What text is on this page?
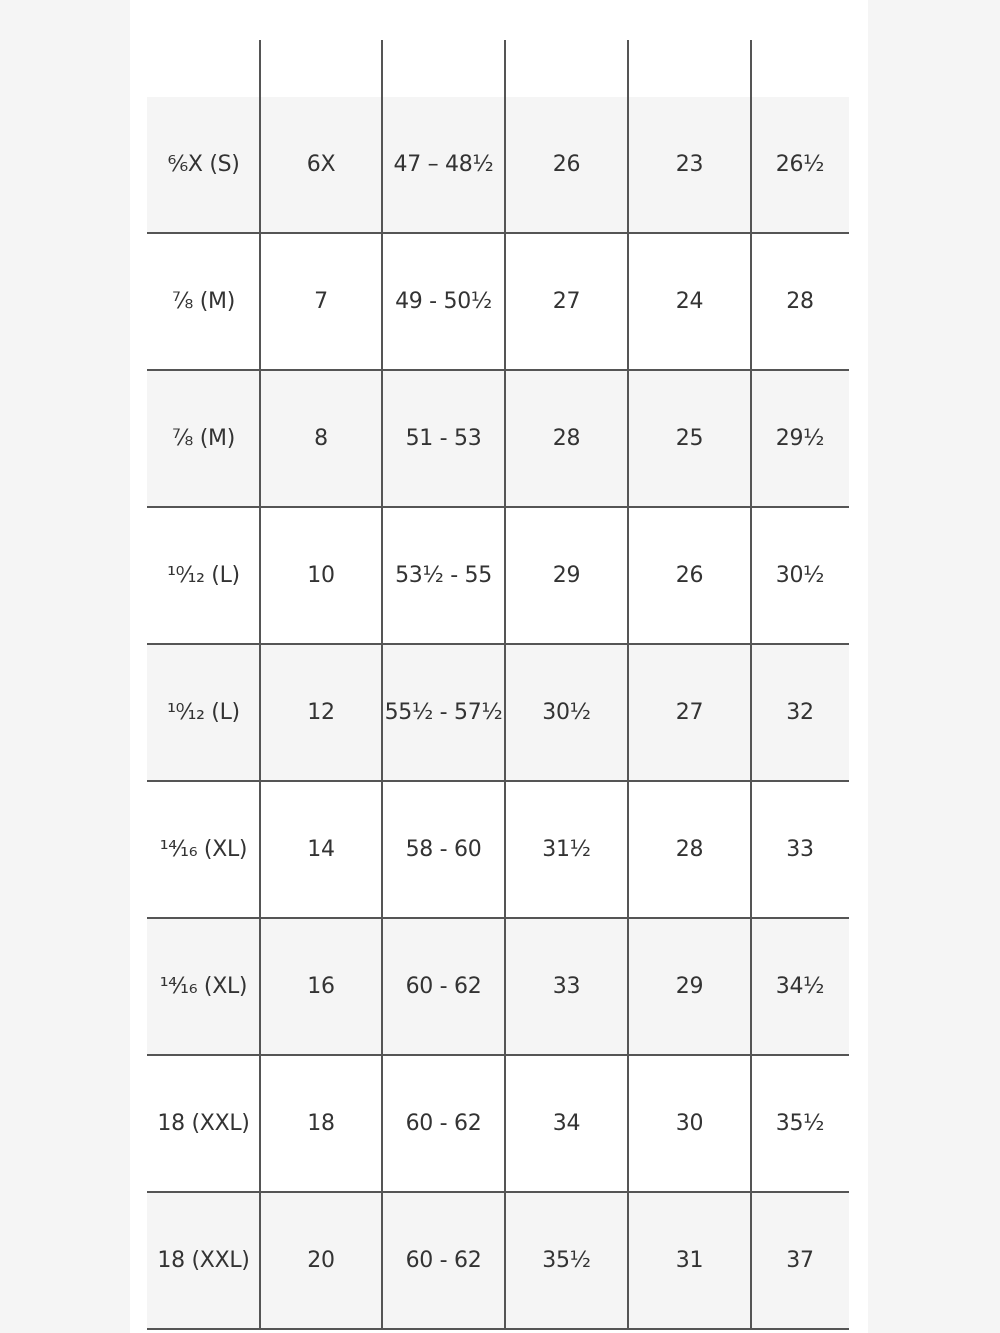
⁶⁄₆X (S)	6X	47 – 48½	26	23	26½
⅞ (M)	7	49 - 50½	27	24	28
⅞ (M)	8	51 - 53	28	25	29½
¹⁰⁄₁₂ (L)	10	53½ - 55	29	26	30½
¹⁰⁄₁₂ (L)	12	55½ - 57½	30½	27	32
¹⁴⁄₁₆ (XL)	14	58 - 60	31½	28	33
¹⁴⁄₁₆ (XL)	16	60 - 62	33	29	34½
18 (XXL)	18	60 - 62	34	30	35½
18 (XXL)	20	60 - 62	35½	31	37
